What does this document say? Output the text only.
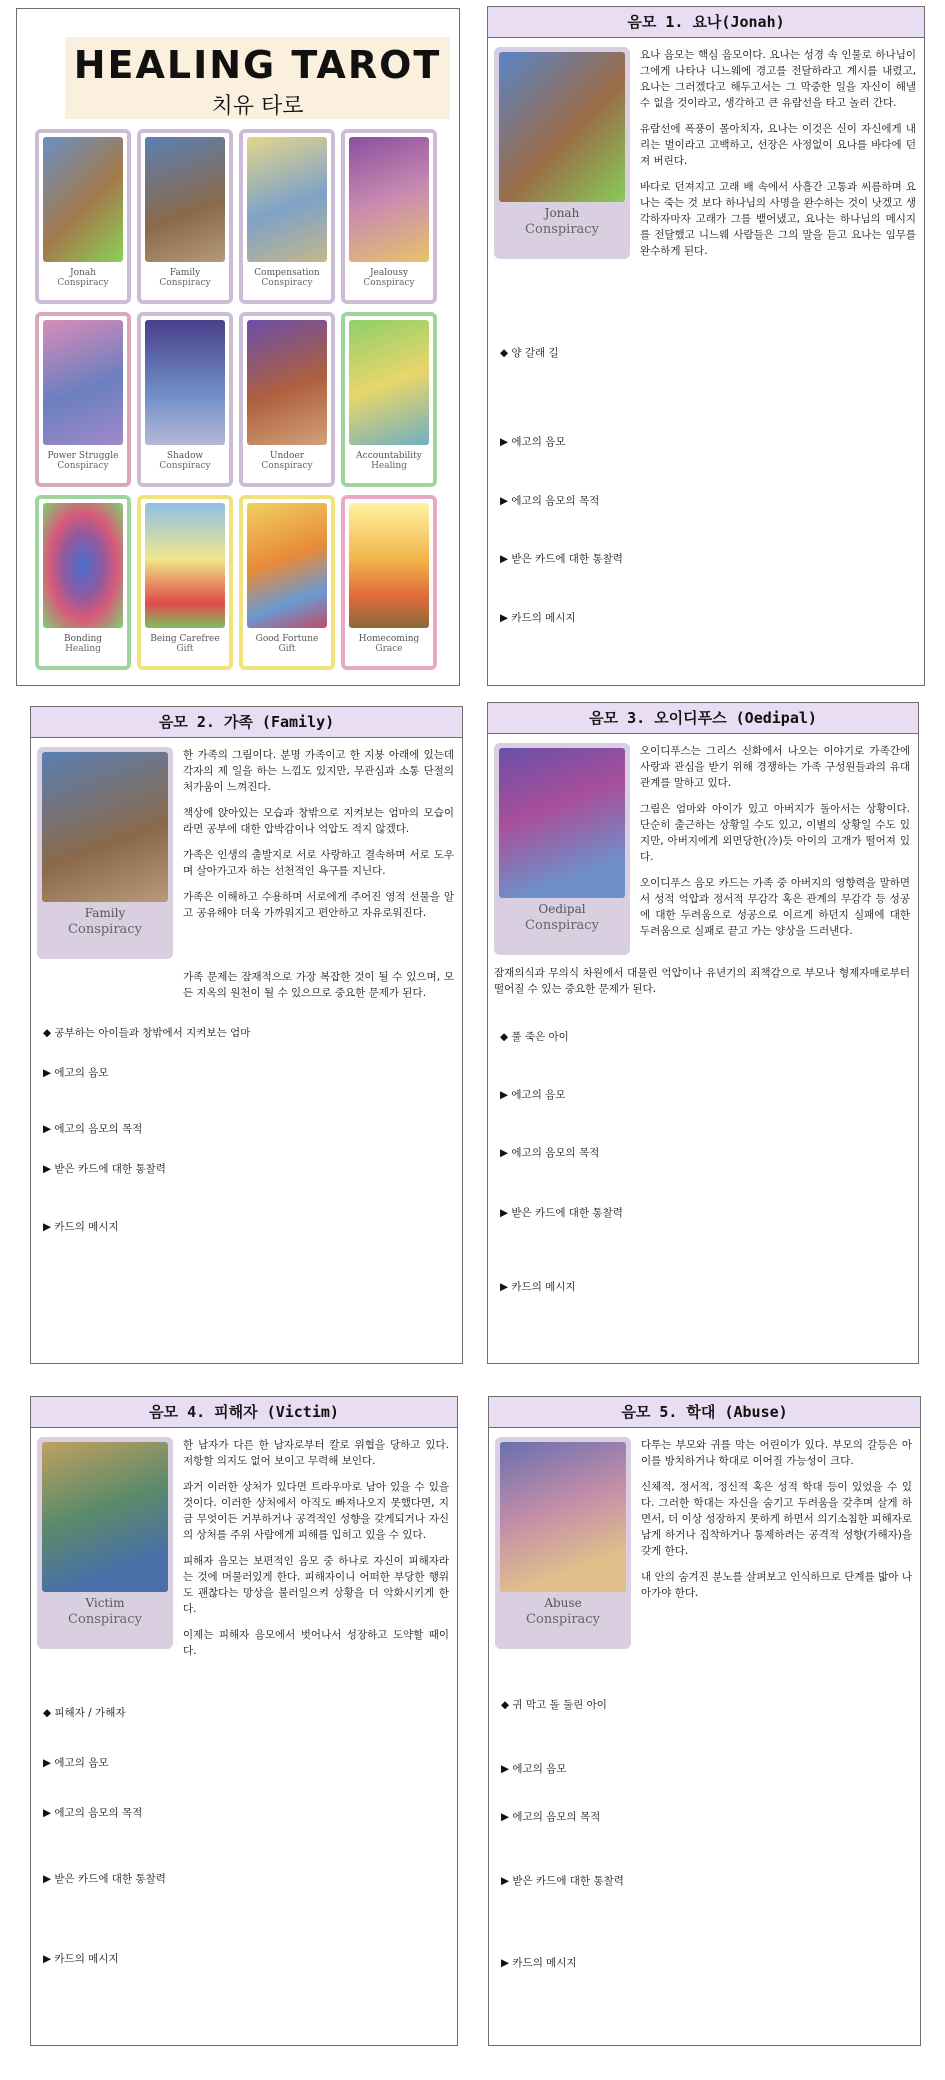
HEALING TAROT
치유 타로
Jonah
Conspiracy
Family
Conspiracy
Compensation
Conspiracy
Jealousy
Conspiracy
Power Struggle
Conspiracy
Shadow
Conspiracy
Undoer
Conspiracy
Accountability
Healing
Bonding
Healing
Being Carefree
Gift
Good Fortune
Gift
Homecoming
Grace
음모 1. 요나(Jonah)
Jonah
Conspiracy

요나 음모는 핵심 음모이다. 요나는 성경 속 인물로 하나님이 그에게 나타나 니느웨에 경고를 전달하라고 계시를 내렸고, 요나는 그러겠다고 해두고서는 그 막중한 일을 자신이 해낼 수 없을 것이라고, 생각하고 큰 유람선을 타고 놀러 간다.

유람선에 폭풍이 몰아치자, 요나는 이것은 신이 자신에게 내리는 벌이라고 고백하고, 선장은 사정없이 요나를 바다에 던져 버린다.

바다로 던져지고 고래 배 속에서 사흘간 고통과 씨름하며 요나는 죽는 것 보다 하나님의 사명을 완수하는 것이 낫겠고 생각하자마자 고래가 그를 뱉어냈고, 요나는 하나님의 메시지를 전달했고 니느웨 사람들은 그의 말을 듣고 요나는 임무를 완수하게 된다.

◆ 양 갈래 길
▶ 에고의 음모
▶ 에고의 음모의 목적
▶ 받은 카드에 대한 통찰력
▶ 카드의 메시지
음모 2. 가족 (Family)
Family
Conspiracy

한 가족의 그림이다. 분명 가족이고 한 지붕 아래에 있는데 각자의 제 일을 하는 느낌도 있지만, 무관심과 소통 단절의 처가움이 느껴진다.

책상에 앉아있는 모습과 창밖으로 지켜보는 엄마의 모습이라면 공부에 대한 압박감이나 억압도 적지 않겠다.

가족은 인생의 출발지로 서로 사랑하고 결속하며 서로 도우며 살아가고자 하는 선천적인 욕구를 지닌다.

가족은 이해하고 수용하며 서로에게 주어진 영적 선물을 알고 공유해야 더욱 가까워지고 편안하고 자유로워진다.

가족 문제는 잠재적으로 가장 복잡한 것이 될 수 있으며, 모든 지옥의 원천이 될 수 있으므로 중요한 문제가 된다.
◆ 공부하는 아이들과 창밖에서 지켜보는 엄마
▶ 에고의 음모
▶ 에고의 음모의 목적
▶ 받은 카드에 대한 통찰력
▶ 카드의 메시지
음모 3. 오이디푸스 (Oedipal)
Oedipal
Conspiracy

오이디푸스는 그리스 신화에서 나오는 이야기로 가족간에 사랑과 관심을 받기 위해 경쟁하는 가족 구성원들과의 유대 관계를 말하고 있다.

그림은 엄마와 아이가 있고 아버지가 돌아서는 상황이다. 단순히 출근하는 상황일 수도 있고, 이별의 상황일 수도 있지만, 아버지에게 외면당한(冷)듯 아이의 고개가 떨어져 있다.

오이디푸스 음모 카드는 가족 중 아버지의 영향력을 말하면서 성적 억압과 정서적 무감각 혹은 관계의 무감각 등 성공에 대한 두려움으로 성공으로 이르게 하던지 실패에 대한 두려움으로 실패로 끝고 가는 양상을 드러낸다.

잠재의식과 무의식 차원에서 대물린 억압이나 유년기의 죄책감으로 부모나 형제자매로부터 떨어질 수 있는 중요한 문제가 된다.
◆ 풀 죽은 아이
▶ 에고의 음모
▶ 에고의 음모의 목적
▶ 받은 카드에 대한 통찰력
▶ 카드의 메시지
음모 4. 피해자 (Victim)
Victim
Conspiracy

한 남자가 다른 한 남자로부터 칼로 위협을 당하고 있다. 저항할 의지도 없어 보이고 무력해 보인다.

과거 이러한 상처가 있다면 트라우마로 남아 있을 수 있을 것이다. 이러한 상처에서 아직도 빠져나오지 못했다면, 지금 무엇이든 거부하거나 공격적인 성향을 갖게되거나 자신의 상처를 주위 사람에게 피해를 입히고 있을 수 있다.

피해자 음모는 보편적인 음모 중 하나로 자신이 피해자라는 것에 머물러있게 한다. 피해자이니 어떠한 부당한 행위도 괜찮다는 망상을 불러일으켜 상황을 더 악화시키게 한다.

이제는 피해자 음모에서 벗어나서 성장하고 도약할 때이다.

◆ 피해자 / 가해자
▶ 에고의 음모
▶ 에고의 음모의 목적
▶ 받은 카드에 대한 통찰력
▶ 카드의 메시지
음모 5. 학대 (Abuse)
Abuse
Conspiracy

다투는 부모와 귀를 막는 어린이가 있다. 부모의 갈등은 아이를 방치하거나 학대로 이어질 가능성이 크다.

신체적, 정서적, 정신적 혹은 성적 학대 등이 있었을 수 있다. 그러한 학대는 자신을 숨기고 두려움을 갖추며 살게 하면서, 더 이상 성장하지 못하게 하면서 의기소침한 피해자로 남게 하거나 집착하거나 통제하려는 공격적 성향(가해자)을 갖게 한다.

내 안의 숨겨진 분노를 살펴보고 인식하므로 단계를 밟아 나아가야 한다.

◆ 귀 막고 돌 둘린 아이
▶ 에고의 음모
▶ 에고의 음모의 목적
▶ 받은 카드에 대한 통찰력
▶ 카드의 메시지
